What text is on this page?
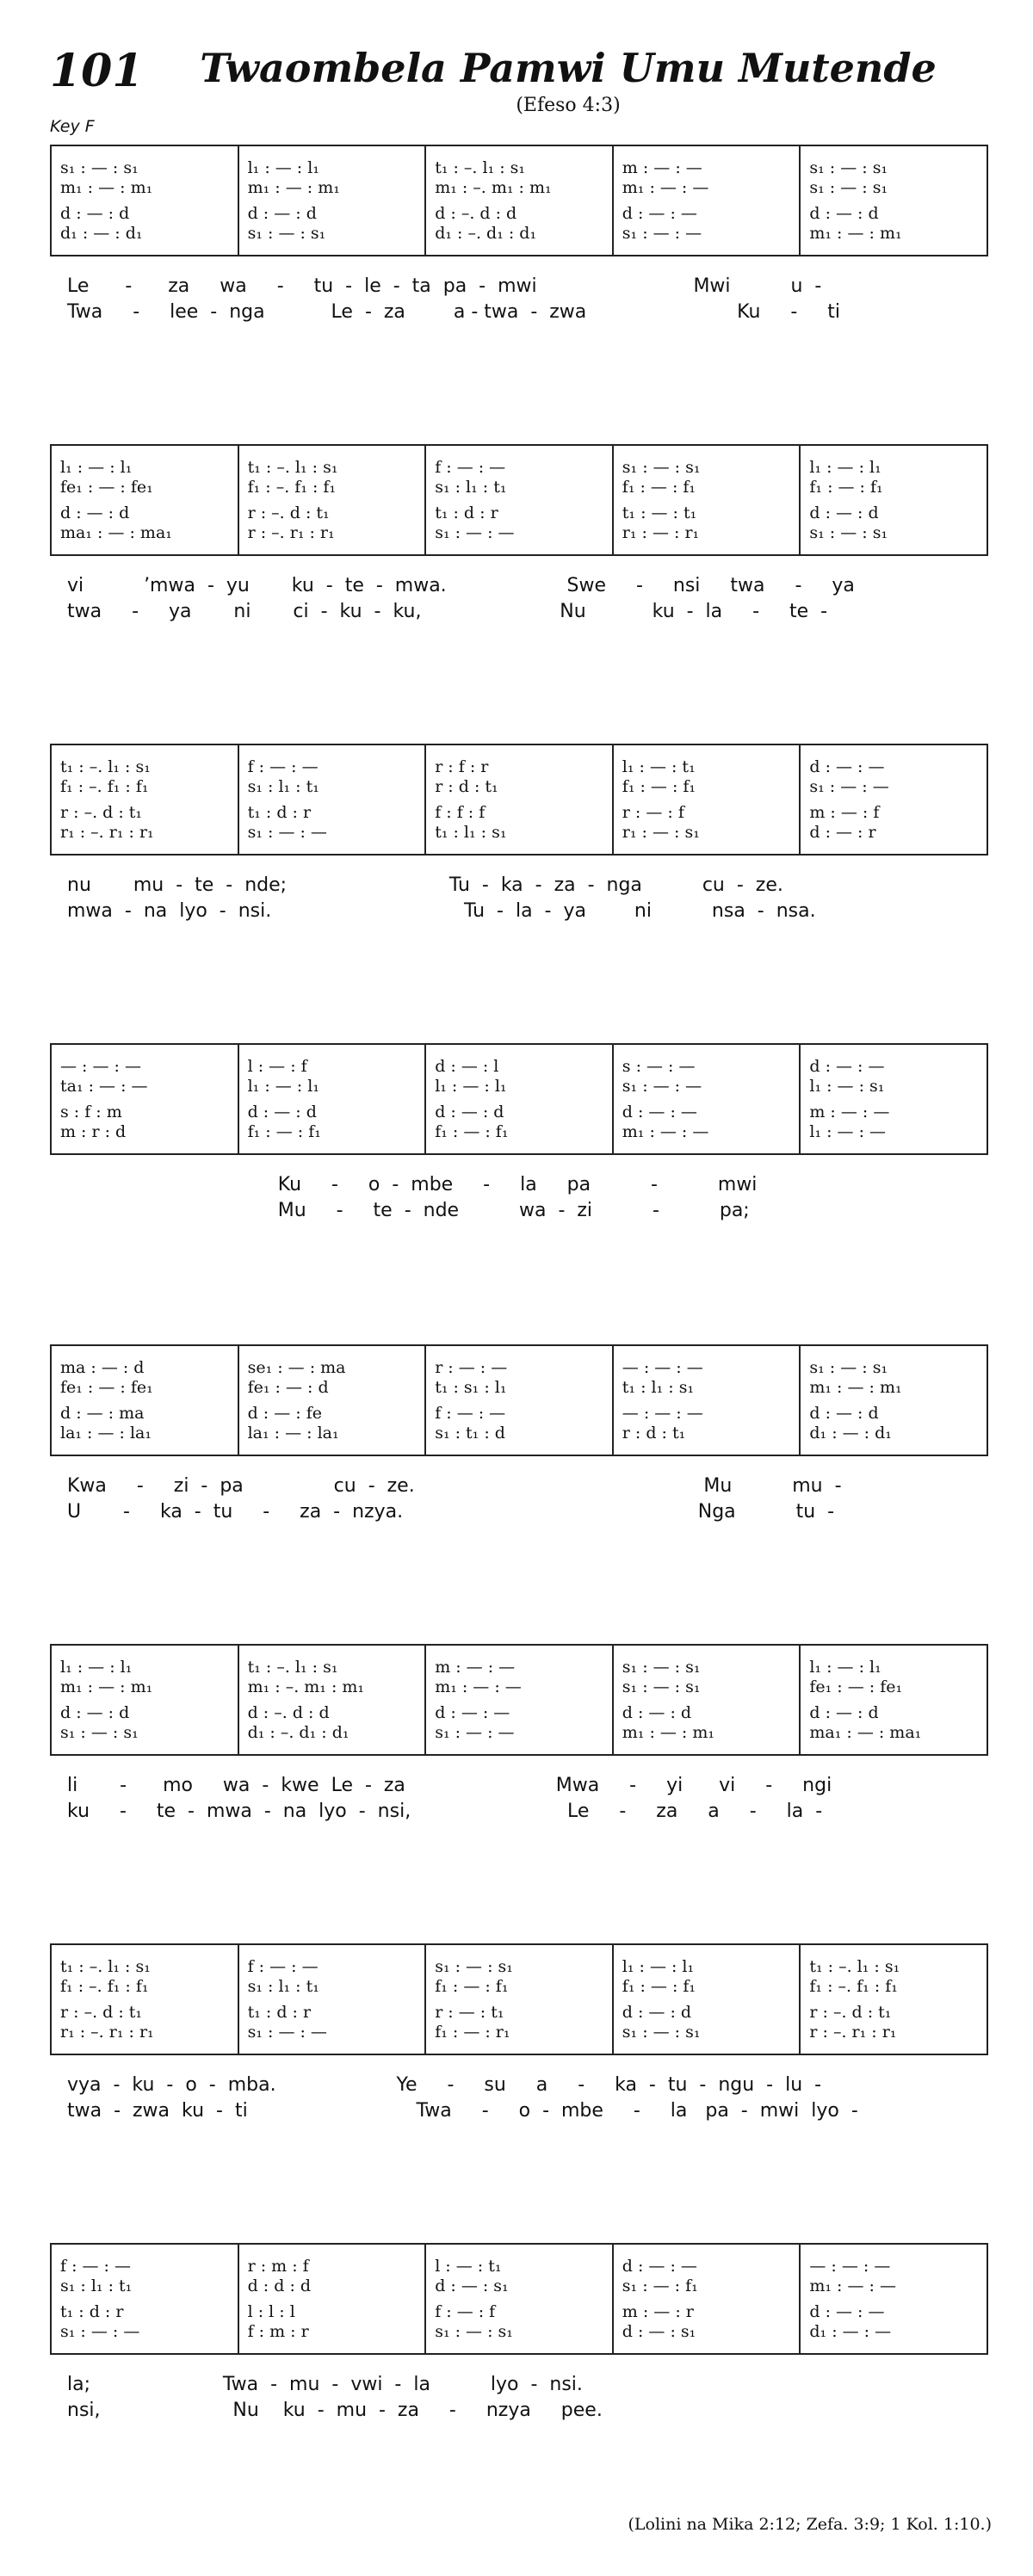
101	Twaombela Pamwi Umu Mutende
(Efeso 4:3)
Key F
s₁ : — : s₁
m₁ : — : m₁
d : — : d
d₁ : — : d₁
l₁ : — : l₁
m₁ : — : m₁
d : — : d
s₁ : — : s₁
t₁ : –. l₁ : s₁
m₁ : –. m₁ : m₁
d : –. d : d
d₁ : –. d₁ : d₁
m : — : —
m₁ : — : —
d : — : —
s₁ : — : —
s₁ : — : s₁
s₁ : — : s₁
d : — : d
m₁ : — : m₁
Le      -      za     wa     -     tu  -  le  -  ta  pa  -  mwi                          Mwi          u  -
Twa     -     lee  -  nga           Le  -  za        a - twa  -  zwa                         Ku     -     ti
l₁ : — : l₁
fe₁ : — : fe₁
d : — : d
ma₁ : — : ma₁
t₁ : –. l₁ : s₁
f₁ : –. f₁ : f₁
r : –. d : t₁
r : –. r₁ : r₁
f : — : —
s₁ : l₁ : t₁
t₁ : d : r
s₁ : — : —
s₁ : — : s₁
f₁ : — : f₁
t₁ : — : t₁
r₁ : — : r₁
l₁ : — : l₁
f₁ : — : f₁
d : — : d
s₁ : — : s₁
vi          ’mwa  -  yu       ku  -  te  -  mwa.                    Swe     -     nsi     twa     -     ya
twa     -     ya       ni       ci  -  ku  -  ku,                       Nu           ku  -  la     -     te  -
t₁ : –. l₁ : s₁
f₁ : –. f₁ : f₁
r : –. d : t₁
r₁ : –. r₁ : r₁
f : — : —
s₁ : l₁ : t₁
t₁ : d : r
s₁ : — : —
r : f : r
r : d : t₁
f : f : f
t₁ : l₁ : s₁
l₁ : — : t₁
f₁ : — : f₁
r : — : f
r₁ : — : s₁
d : — : —
s₁ : — : —
m : — : f
d : — : r
nu       mu  -  te  -  nde;                           Tu  -  ka  -  za  -  nga          cu  -  ze.
mwa  -  na  lyo  -  nsi.                                Tu  -  la  -  ya        ni          nsa  -  nsa.
— : — : —
ta₁ : — : —
s : f : m
m : r : d
l : — : f
l₁ : — : l₁
d : — : d
f₁ : — : f₁
d : — : l
l₁ : — : l₁
d : — : d
f₁ : — : f₁
s : — : —
s₁ : — : —
d : — : —
m₁ : — : —
d : — : —
l₁ : — : s₁
m : — : —
l₁ : — : —
Ku     -     o  -  mbe     -     la     pa          -          mwi
Mu     -     te  -  nde          wa  -  zi          -          pa;
ma : — : d
fe₁ : — : fe₁
d : — : ma
la₁ : — : la₁
se₁ : — : ma
fe₁ : — : d
d : — : fe
la₁ : — : la₁
r : — : —
t₁ : s₁ : l₁
f : — : —
s₁ : t₁ : d
— : — : —
t₁ : l₁ : s₁
— : — : —
r : d : t₁
s₁ : — : s₁
m₁ : — : m₁
d : — : d
d₁ : — : d₁
Kwa     -     zi  -  pa               cu  -  ze.                                                Mu          mu  -
U       -     ka  -  tu     -     za  -  nzya.                                                 Nga          tu  -
l₁ : — : l₁
m₁ : — : m₁
d : — : d
s₁ : — : s₁
t₁ : –. l₁ : s₁
m₁ : –. m₁ : m₁
d : –. d : d
d₁ : –. d₁ : d₁
m : — : —
m₁ : — : —
d : — : —
s₁ : — : —
s₁ : — : s₁
s₁ : — : s₁
d : — : d
m₁ : — : m₁
l₁ : — : l₁
fe₁ : — : fe₁
d : — : d
ma₁ : — : ma₁
li       -      mo     wa  -  kwe  Le  -  za                         Mwa     -     yi      vi     -     ngi
ku     -     te  -  mwa  -  na  lyo  -  nsi,                          Le     -     za     a     -     la  -
t₁ : –. l₁ : s₁
f₁ : –. f₁ : f₁
r : –. d : t₁
r₁ : –. r₁ : r₁
f : — : —
s₁ : l₁ : t₁
t₁ : d : r
s₁ : — : —
s₁ : — : s₁
f₁ : — : f₁
r : — : t₁
f₁ : — : r₁
l₁ : — : l₁
f₁ : — : f₁
d : — : d
s₁ : — : s₁
t₁ : –. l₁ : s₁
f₁ : –. f₁ : f₁
r : –. d : t₁
r : –. r₁ : r₁
vya  -  ku  -  o  -  mba.                    Ye     -     su     a     -     ka  -  tu  -  ngu  -  lu  -
twa  -  zwa  ku  -  ti                            Twa     -     o  -  mbe     -     la   pa  -  mwi  lyo  -
f : — : —
s₁ : l₁ : t₁
t₁ : d : r
s₁ : — : —
r : m : f
d : d : d
l : l : l
f : m : r
l : — : t₁
d : — : s₁
f : — : f
s₁ : — : s₁
d : — : —
s₁ : — : f₁
m : — : r
d : — : s₁
— : — : —
m₁ : — : —
d : — : —
d₁ : — : —
la;                      Twa  -  mu  -  vwi  -  la          lyo  -  nsi.
nsi,                      Nu    ku  -  mu  -  za     -     nzya     pee.
(Lolini na Mika 2:12; Zefa. 3:9; 1 Kol. 1:10.)
